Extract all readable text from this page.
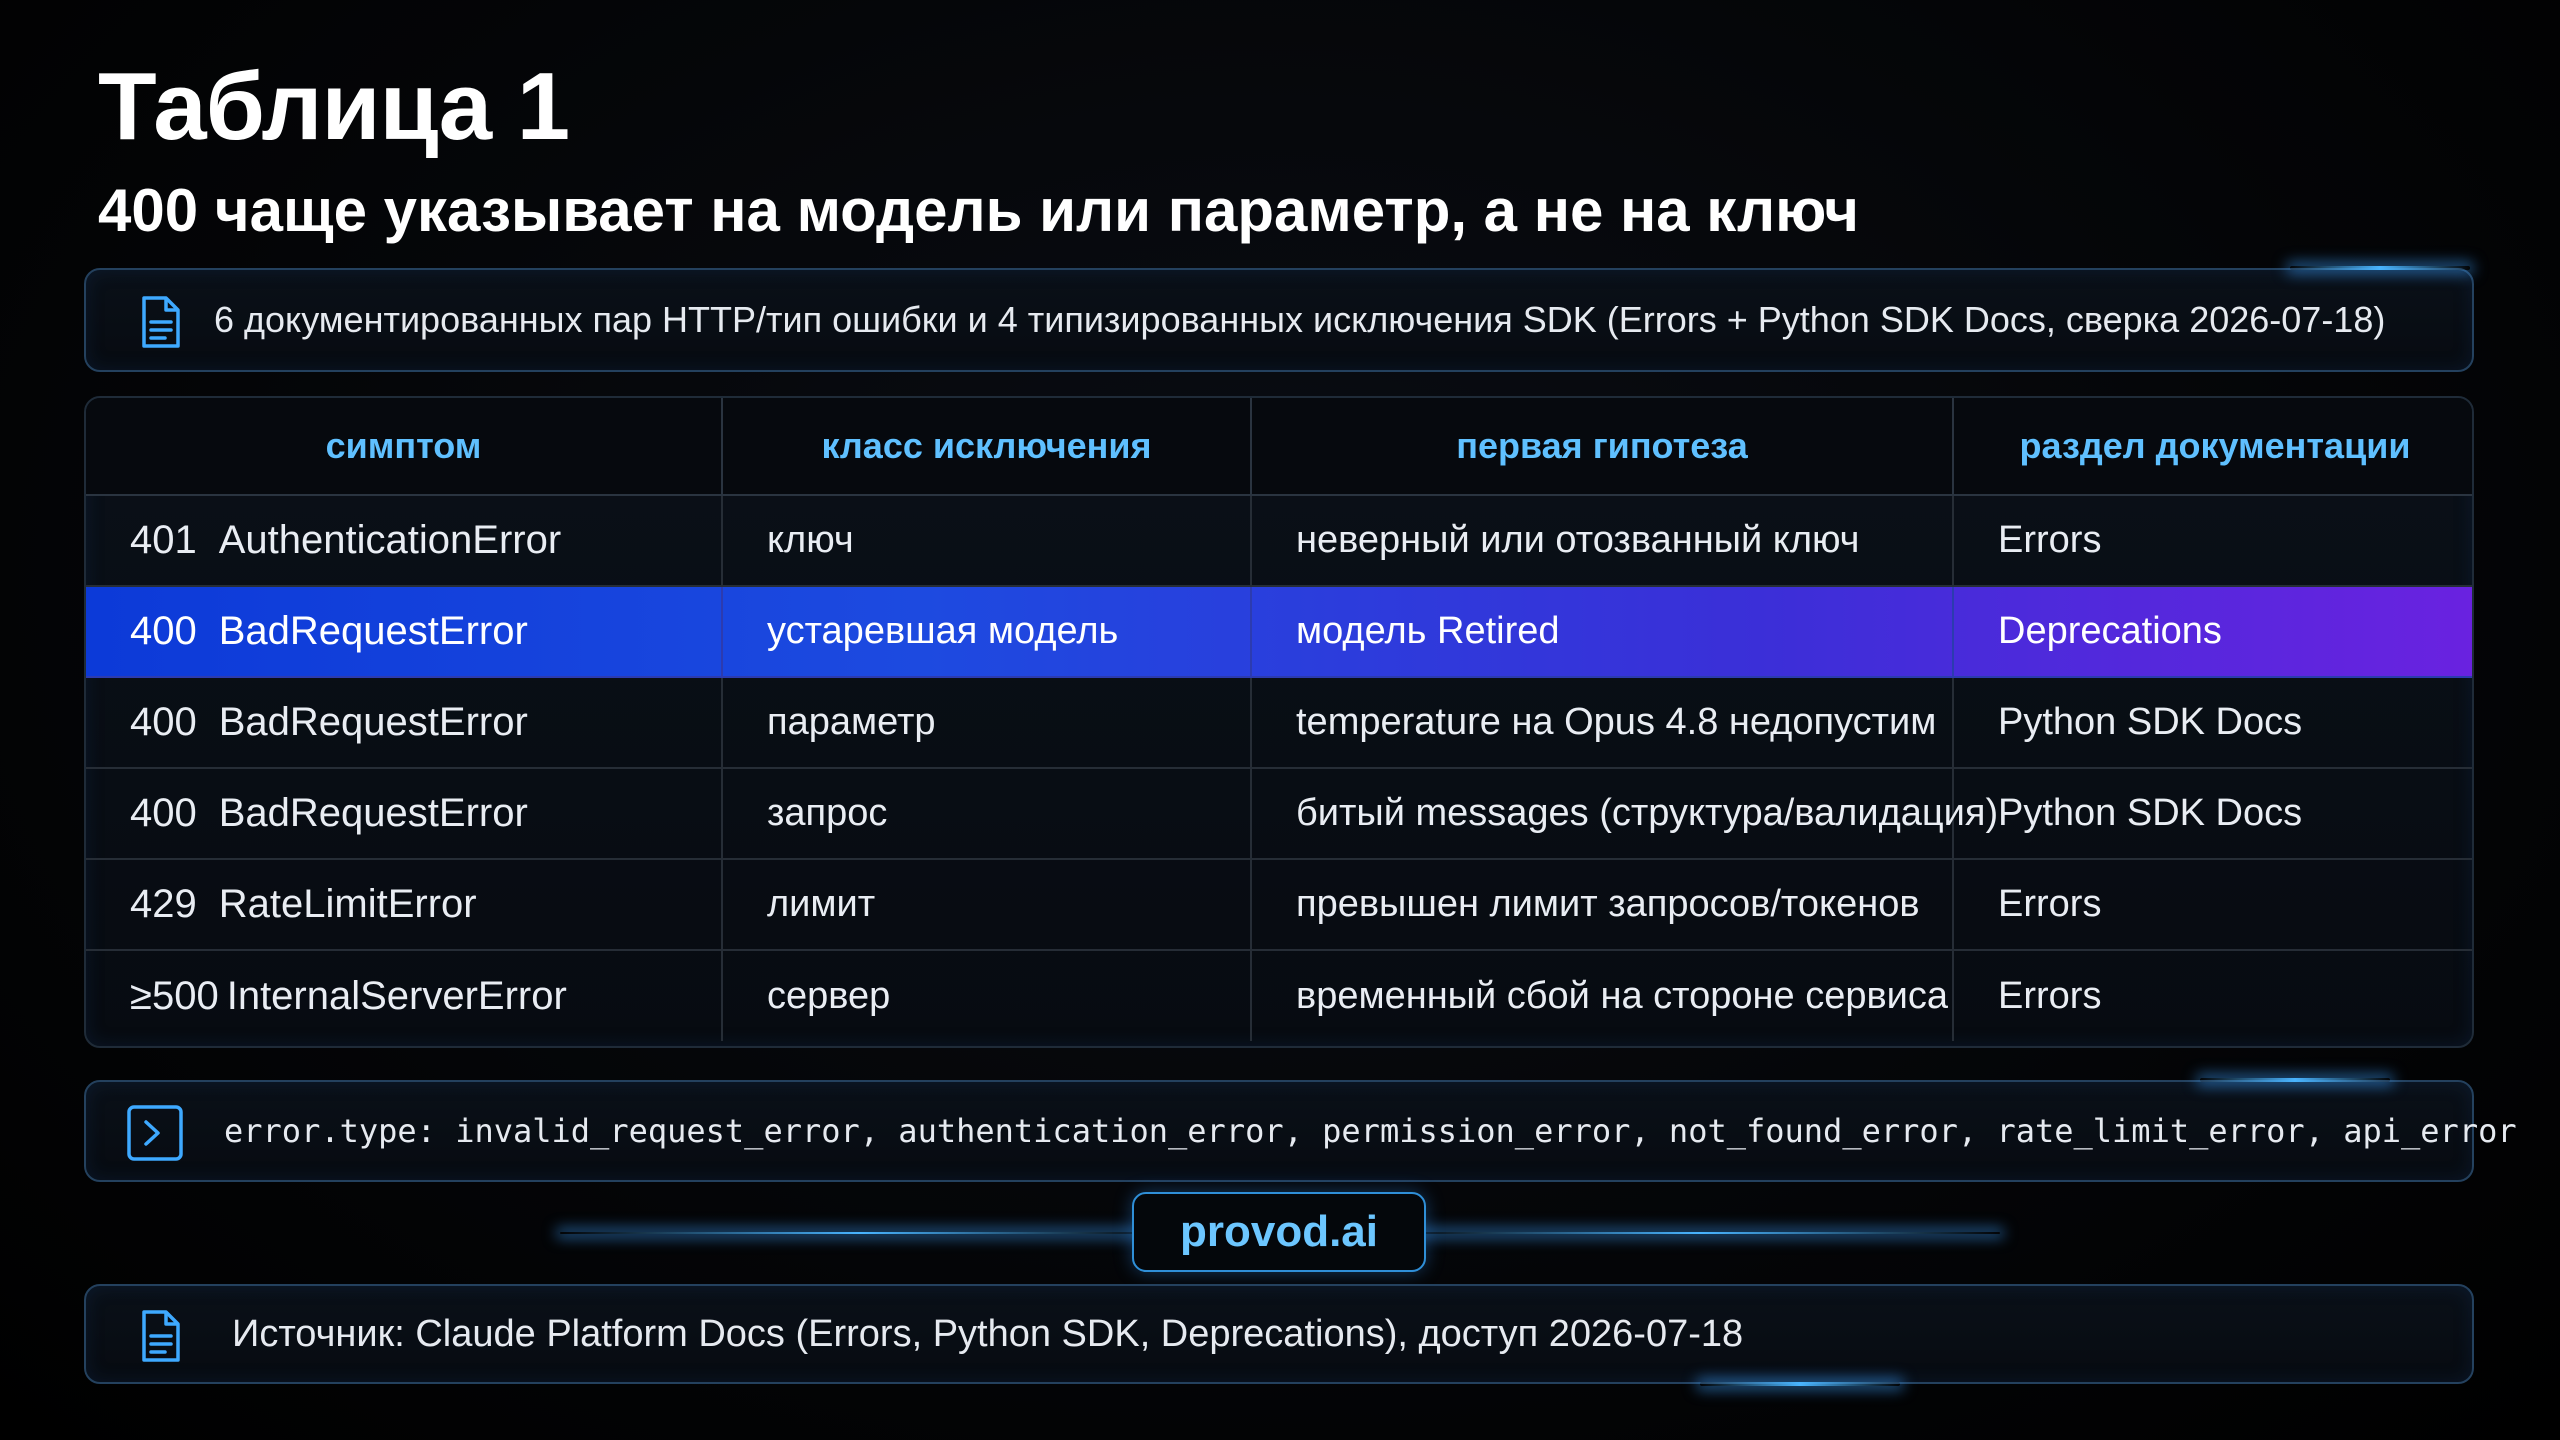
Таблица 1
400 чаще указывает на модель или параметр, а не на ключ
6 документированных пар HTTP/тип ошибки и 4 типизированных исключения SDK (Errors + Python SDK Docs, сверка 2026-07-18)
симптом	класс исключения	первая гипотеза	раздел документации
401 AuthenticationError	ключ	неверный или отозванный ключ	Errors
400 BadRequestError	устаревшая модель	модель Retired	Deprecations
400 BadRequestError	параметр	temperature на Opus 4.8 недопустим	Python SDK Docs
400 BadRequestError	запрос	битый messages (структура/валидация)	Python SDK Docs
429 RateLimitError	лимит	превышен лимит запросов/токенов	Errors
≥500 InternalServerError	сервер	временный сбой на стороне сервиса	Errors
error.type: invalid_request_error, authentication_error, permission_error, not_found_error, rate_limit_error, api_error
provod.ai
Источник: Claude Platform Docs (Errors, Python SDK, Deprecations), доступ 2026-07-18
